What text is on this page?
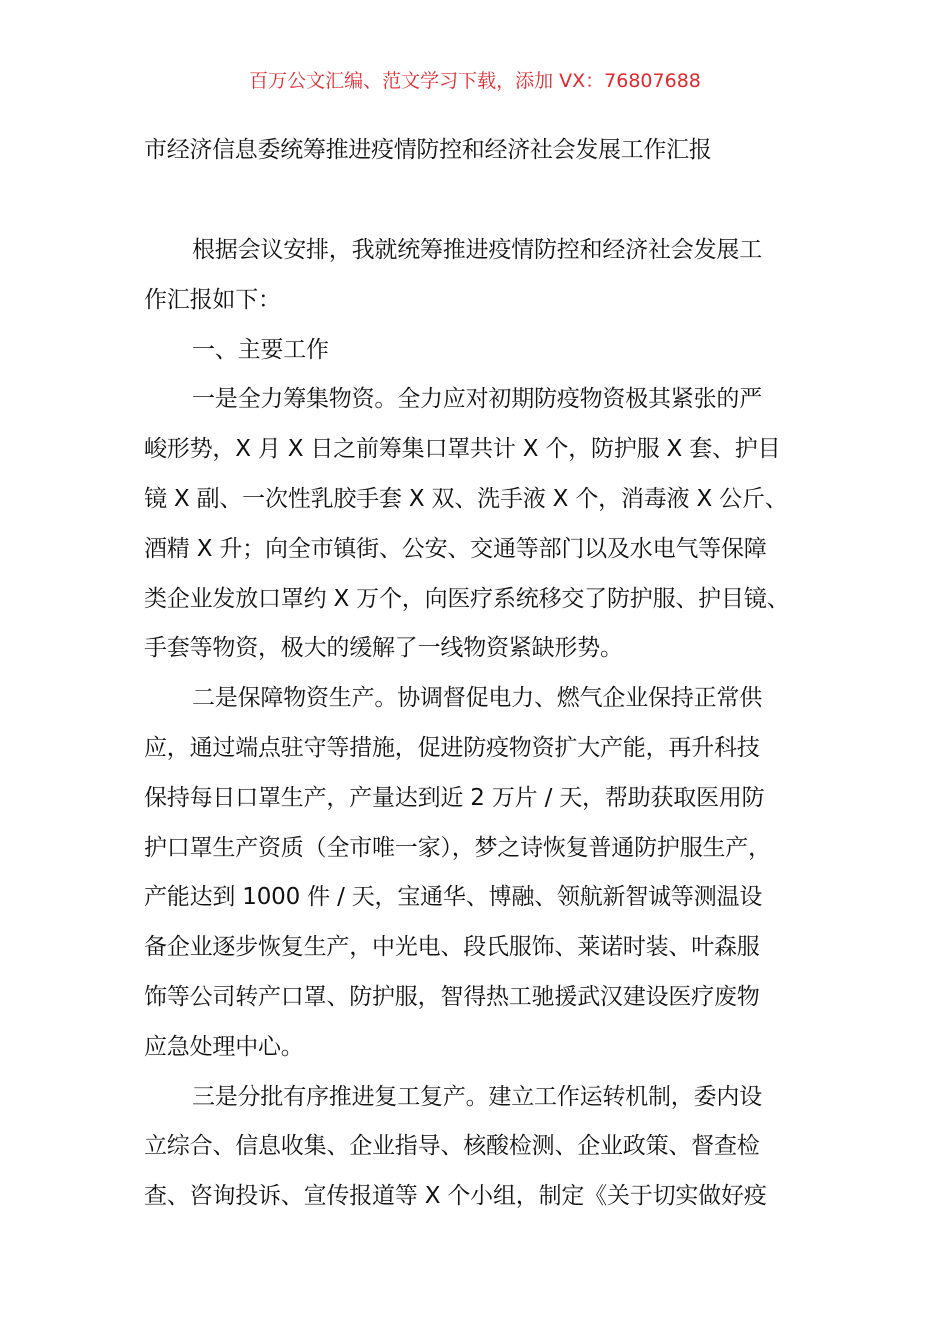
百万公文汇编、范文学习下载，添加 VX：76807688
市经济信息委统筹推进疫情防控和经济社会发展工作汇报
根据会议安排，我就统筹推进疫情防控和经济社会发展工
作汇报如下：
一、主要工作
一是全力筹集物资。全力应对初期防疫物资极其紧张的严
峻形势，X 月 X 日之前筹集口罩共计 X 个，防护服 X 套、护目
镜 X 副、一次性乳胶手套 X 双、洗手液 X 个，消毒液 X 公斤、
酒精 X 升；向全市镇街、公安、交通等部门以及水电气等保障
类企业发放口罩约 X 万个，向医疗系统移交了防护服、护目镜、
手套等物资，极大的缓解了一线物资紧缺形势。
二是保障物资生产。协调督促电力、燃气企业保持正常供
应，通过端点驻守等措施，促进防疫物资扩大产能，再升科技
保持每日口罩生产，产量达到近 2 万片 / 天，帮助获取医用防
护口罩生产资质（全市唯一家），梦之诗恢复普通防护服生产，
产能达到 1000 件 / 天，宝通华、博融、领航新智诚等测温设
备企业逐步恢复生产，中光电、段氏服饰、莱诺时装、叶森服
饰等公司转产口罩、防护服，智得热工驰援武汉建设医疗废物
应急处理中心。
三是分批有序推进复工复产。建立工作运转机制，委内设
立综合、信息收集、企业指导、核酸检测、企业政策、督查检
查、咨询投诉、宣传报道等 X 个小组，制定《关于切实做好疫
